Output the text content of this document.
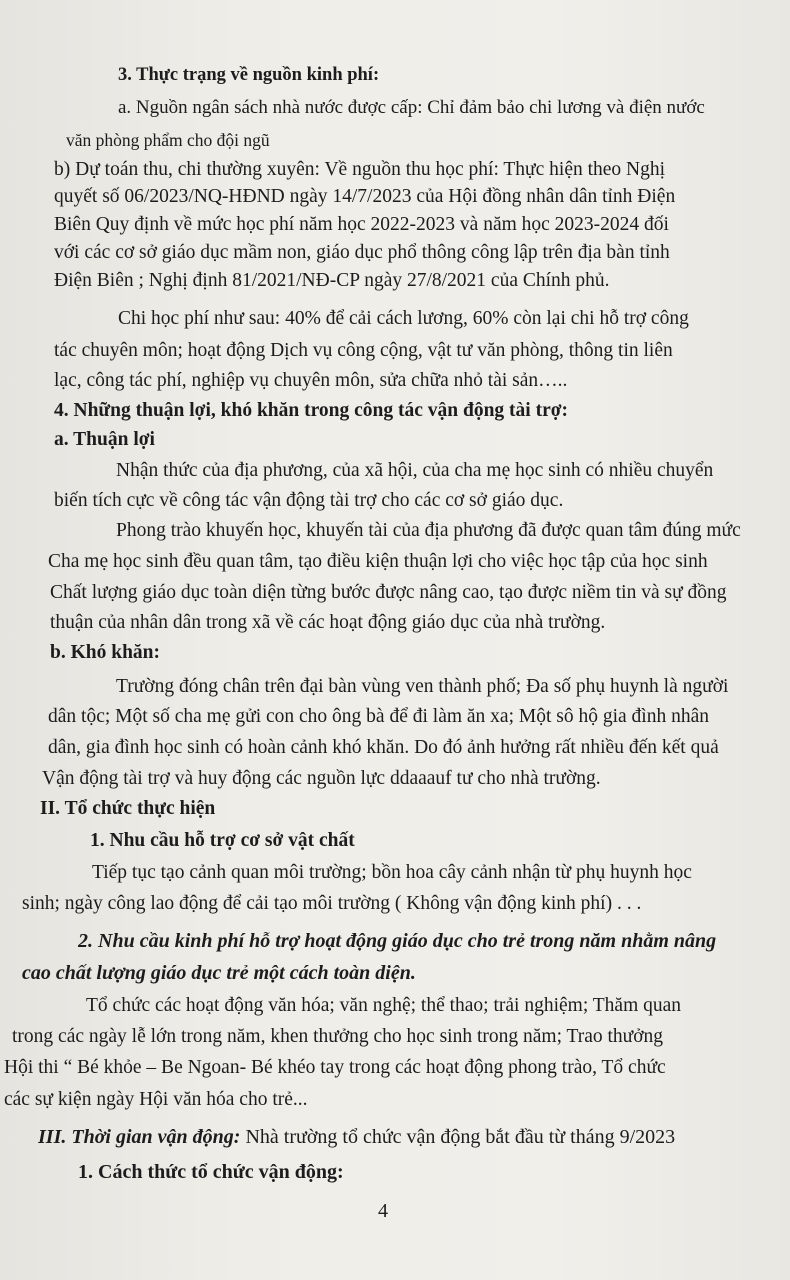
3. Thực trạng về nguồn kinh phí:

a. Nguồn ngân sách nhà nước được cấp: Chỉ đảm bảo chi lương và điện nước

văn phòng phẩm cho đội ngũ

b) Dự toán thu, chi thường xuyên: Về nguồn thu học phí: Thực hiện theo Nghị

quyết số 06/2023/NQ-HĐND ngày 14/7/2023 của Hội đồng nhân dân tỉnh Điện

Biên Quy định về mức học phí năm học 2022-2023 và năm học 2023-2024 đối

với các cơ sở giáo dục mầm non, giáo dục phổ thông công lập trên địa bàn tỉnh

Điện Biên ; Nghị định 81/2021/NĐ-CP ngày 27/8/2021 của Chính phủ.

Chi học phí như sau: 40% để cải cách lương, 60% còn lại chi hỗ trợ công

tác chuyên môn; hoạt động Dịch vụ công cộng, vật tư văn phòng, thông tin liên

lạc, công tác phí, nghiệp vụ chuyên môn, sửa chữa nhỏ tài sản…..

4. Những thuận lợi, khó khăn trong công tác vận động tài trợ:

a. Thuận lợi

Nhận thức của địa phương, của xã hội, của cha mẹ học sinh có nhiều chuyển

biến tích cực về công tác vận động tài trợ cho các cơ sở giáo dục.

Phong trào khuyến học, khuyến tài của địa phương đã được quan tâm đúng mức

Cha mẹ học sinh đều quan tâm, tạo điều kiện thuận lợi cho việc học tập của học sinh

Chất lượng giáo dục toàn diện từng bước được nâng cao, tạo được niềm tin và sự đồng

thuận của nhân dân trong xã về các hoạt động giáo dục của nhà trường.

b. Khó khăn:

Trường đóng chân trên đại bàn vùng ven thành phố; Đa số phụ huynh là người

dân tộc; Một số cha mẹ gửi con cho ông bà để đi làm ăn xa; Một sô hộ gia đình nhân

dân, gia đình học sinh có hoàn cảnh khó khăn. Do đó ảnh hưởng rất nhiều đến kết quả

Vận động tài trợ và huy động các nguồn lực ddaaauf tư cho nhà trường.

II. Tổ chức thực hiện

1. Nhu cầu hỗ trợ cơ sở vật chất

Tiếp tục tạo cảnh quan môi trường; bồn hoa cây cảnh nhận từ phụ huynh học

sinh; ngày công lao động để cải tạo môi trường ( Không vận động kinh phí) . . .

2. Nhu cầu kinh phí hỗ trợ hoạt động giáo dục cho trẻ trong năm nhằm nâng

cao chất lượng giáo dục trẻ một cách toàn diện.

Tổ chức các hoạt động văn hóa; văn nghệ; thể thao; trải nghiệm; Thăm quan

trong các ngày lễ lớn trong năm, khen thưởng cho học sinh trong năm; Trao thưởng

Hội thi “ Bé khỏe – Be Ngoan- Bé khéo tay trong các hoạt động phong trào, Tổ chức

các sự kiện ngày Hội văn hóa cho trẻ...

III. Thời gian vận động: Nhà trường tổ chức vận động bắt đầu từ tháng 9/2023

1. Cách thức tổ chức vận động:

4
